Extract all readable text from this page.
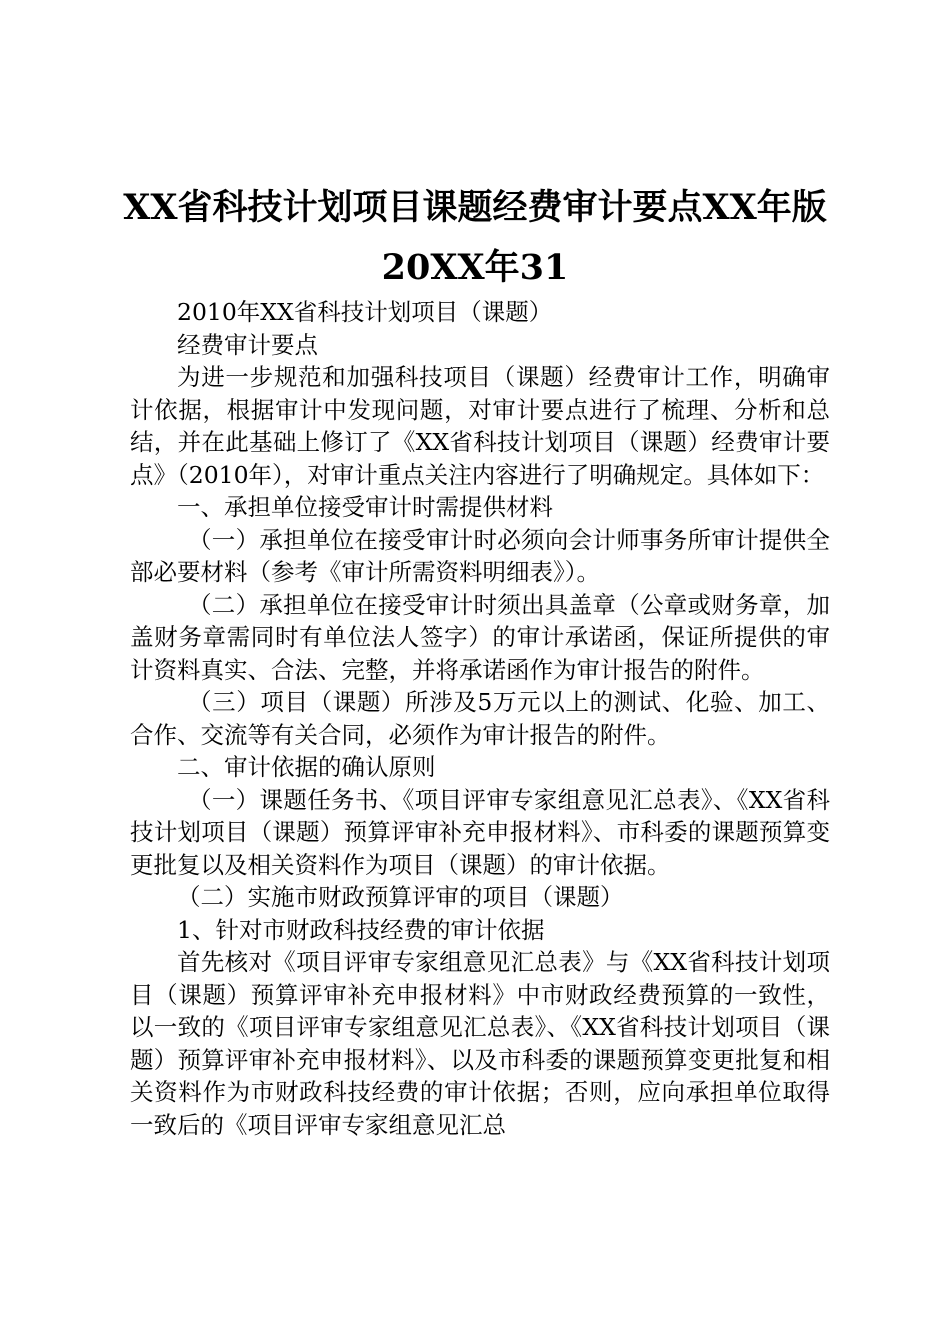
XX省科技计划项目课题经费审计要点XX年版
20XX年31

2010年XX省科技计划项目（课题）

经费审计要点

为进一步规范和加强科技项目（课题）经费审计工作，明确审计依据，根据审计中发现问题，对审计要点进行了梳理、分析和总结，并在此基础上修订了《XX省科技计划项目（课题）经费审计要点》（2010年），对审计重点关注内容进行了明确规定。具体如下：

一、承担单位接受审计时需提供材料

（一）承担单位在接受审计时必须向会计师事务所审计提供全部必要材料（参考《审计所需资料明细表》）。

（二）承担单位在接受审计时须出具盖章（公章或财务章，加盖财务章需同时有单位法人签字）的审计承诺函，保证所提供的审计资料真实、合法、完整，并将承诺函作为审计报告的附件。

（三）项目（课题）所涉及5万元以上的测试、化验、加工、合作、交流等有关合同，必须作为审计报告的附件。

二、审计依据的确认原则

（一）课题任务书、《项目评审专家组意见汇总表》、《XX省科技计划项目（课题）预算评审补充申报材料》、市科委的课题预算变更批复以及相关资料作为项目（课题）的审计依据。

（二）实施市财政预算评审的项目（课题）

1、针对市财政科技经费的审计依据

首先核对《项目评审专家组意见汇总表》与《XX省科技计划项目（课题）预算评审补充申报材料》中市财政经费预算的一致性，以一致的《项目评审专家组意见汇总表》、《XX省科技计划项目（课题）预算评审补充申报材料》、以及市科委的课题预算变更批复和相关资料作为市财政科技经费的审计依据；否则，应向承担单位取得一致后的《项目评审专家组意见汇总
